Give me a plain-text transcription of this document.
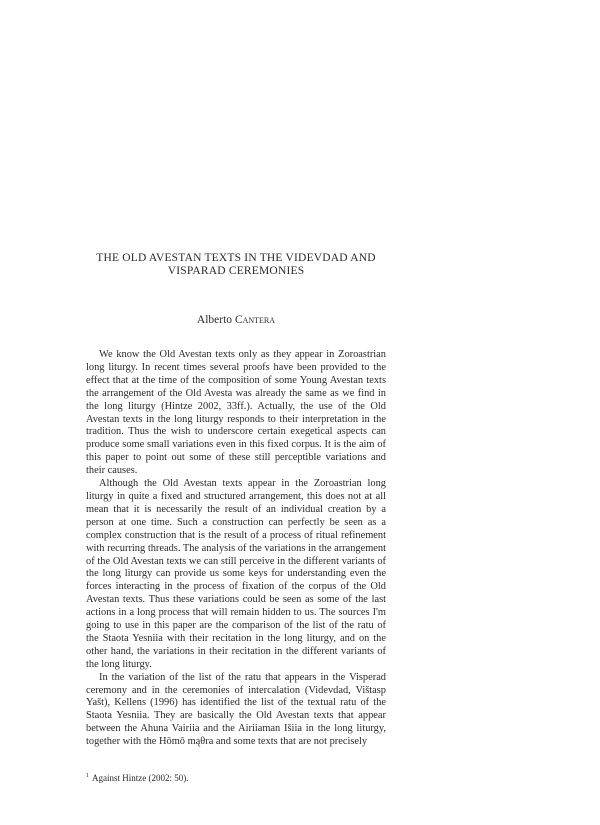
THE OLD AVESTAN TEXTS IN THE VIDEVDAD AND
VISPARAD CEREMONIES

Alberto Cantera

We know the Old Avestan texts only as they appear in Zoroastrian long liturgy. In recent times several proofs have been provided to the effect that at the time of the composition of some Young Avestan texts the arrangement of the Old Avesta was already the same as we find in the long liturgy (Hintze 2002, 33ff.). Actually, the use of the Old Avestan texts in the long liturgy responds to their interpretation in the tradition. Thus the wish to underscore certain exegetical aspects can produce some small variations even in this fixed corpus. It is the aim of this paper to point out some of these still perceptible variations and their causes.

Although the Old Avestan texts appear in the Zoroastrian long liturgy in quite a fixed and structured arrangement, this does not at all mean that it is necessarily the result of an individual creation by a person at one time. Such a construction can perfectly be seen as a complex construction that is the result of a process of ritual refinement with recurring threads. The analysis of the variations in the arrangement of the Old Avestan texts we can still perceive in the different variants of the long liturgy can provide us some keys for understanding even the forces interacting in the process of fixation of the corpus of the Old Avestan texts. Thus these variations could be seen as some of the last actions in a long process that will remain hidden to us. The sources I'm going to use in this paper are the comparison of the list of the ratu of the Staota Yesniia with their recitation in the long liturgy, and on the other hand, the variations in their recitation in the different variants of the long liturgy.

In the variation of the list of the ratu that appears in the Visperad ceremony and in the ceremonies of intercalation (Videvdad, Vištasp Yašt), Kellens (1996) has identified the list of the textual ratu of the Staota Yesniia. They are basically the Old Avestan texts that appear between the Ahuna Vairiia and the Airiiaman Išiia in the long liturgy, together with the Hōmō mąθra and some texts that are not precisely

$^1$ Against Hintze (2002: 50).
